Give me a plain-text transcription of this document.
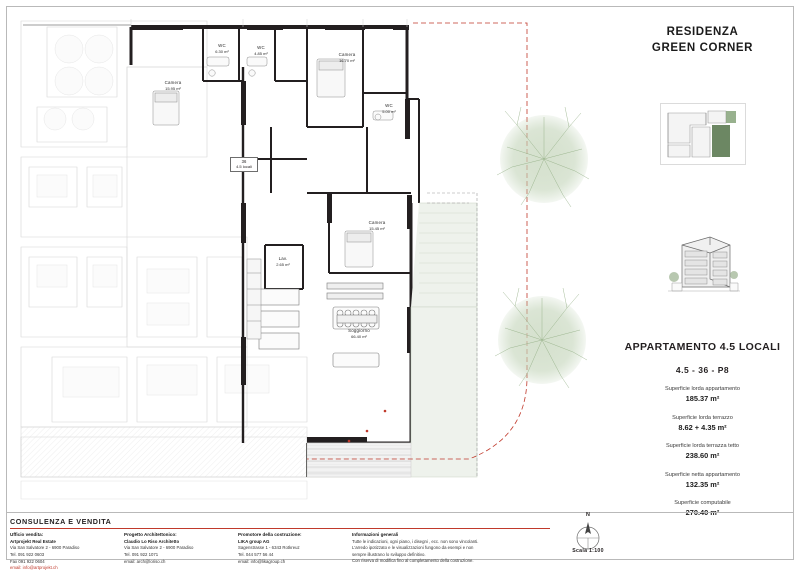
Camera
15.95 m²
WC
6.30 m²
WC
4.85 m²	Camera
16.70 m²
WC
5.00 m²
Camera
15.45 m²
Lav.
2.65 m²
Soggiorno
66.40 m²
36
4.5 locali
RESIDENZA
GREEN CORNER
APPARTAMENTO 4.5 LOCALI
4.5 - 36 - P8
Superficie lorda appartamento
185.37 m²
Superficie lorda terrazzo
8.62 + 4.35 m²
Superficie lorda terrazza tetto
238.60 m²
Superficie netta appartamento
132.35 m²
Superficie computabile
CONSULENZA E VENDITA
Ufficio vendita:
Artprojekt Real Estate
Via San Salvatore 2 - 6900 Paradiso
Tel. 091 922 0603
Fax 091 922 0604
email: info@artprojekt.ch
Progetto Architettonico:
Claudio Lo Riso Architetto
Via San Salvatore 2 - 6900 Paradiso
Tel. 091 922 1071
email: arch@loriso.ch
Promotore della costruzione:
LIKA group AG
Sagenstrasse 1 - 6343 Rotkreuz
Tel. 044 577 56 44
email: info@likagroup.ch
Informazioni generali
Tutte le indicazioni, ogni piano, i disegni , ecc. non sono vincolanti.
L'arredo ipotizzato e le visualizzazioni fungono da esempi e non sempre illustrano lo sviluppo definitivo.
Con riserva di modifica fino al completamento della costruzione.
N
Scala 1:100
